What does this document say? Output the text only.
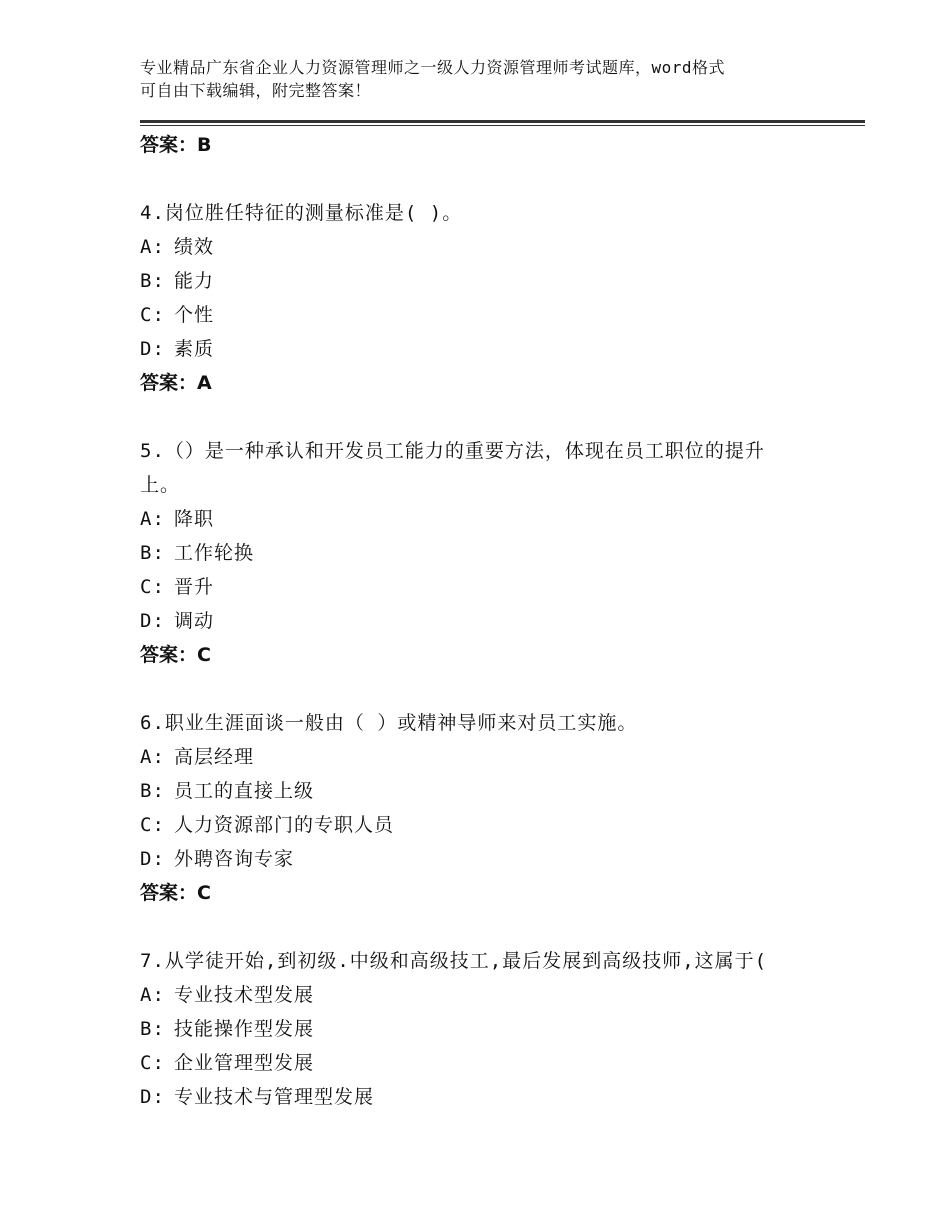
专业精品广东省企业人力资源管理师之一级人力资源管理师考试题库，word格式
可自由下载编辑，附完整答案！
答案：B
4.岗位胜任特征的测量标准是( )。
A: 绩效
B: 能力
C: 个性
D: 素质
答案：A
5.（）是一种承认和开发员工能力的重要方法，体现在员工职位的提升上。
A: 降职
B: 工作轮换
C: 晋升
D: 调动
答案：C
6.职业生涯面谈一般由（ ）或精神导师来对员工实施。
A: 高层经理
B: 员工的直接上级
C: 人力资源部门的专职人员
D: 外聘咨询专家
答案：C
7.从学徒开始,到初级.中级和高级技工,最后发展到高级技师,这属于(
A: 专业技术型发展
B: 技能操作型发展
C: 企业管理型发展
D: 专业技术与管理型发展
